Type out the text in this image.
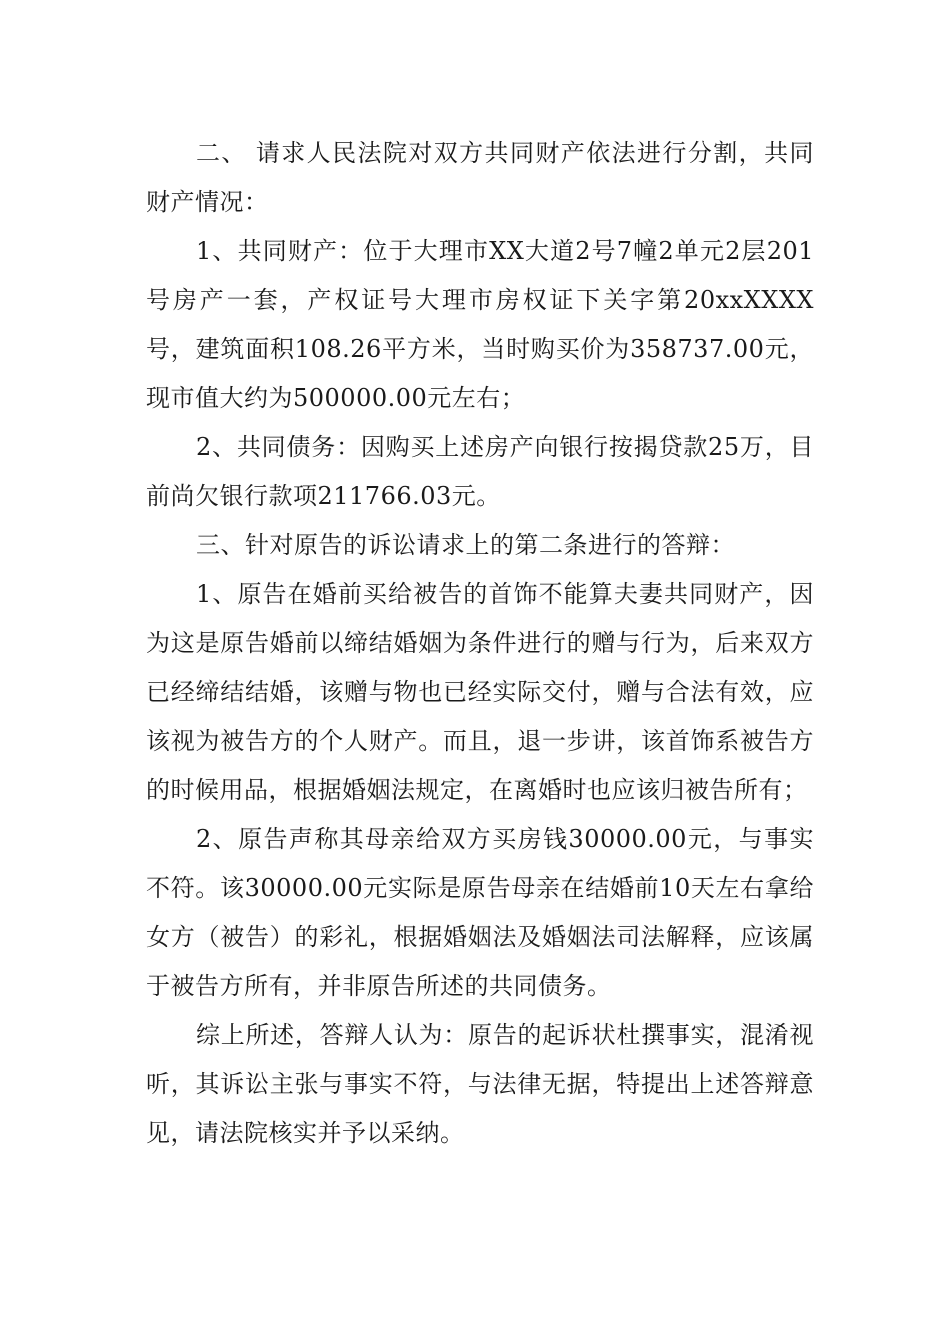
二、 请求人民法院对双方共同财产依法进行分割，共同财产情况：

1、共同财产：位于大理市XX大道2号7幢2单元2层201号房产一套，产权证号大理市房权证下关字第20xxXXXX号，建筑面积108.26平方米，当时购买价为358737.00元，现市值大约为500000.00元左右；

2、共同债务：因购买上述房产向银行按揭贷款25万，目前尚欠银行款项211766.03元。

三、针对原告的诉讼请求上的第二条进行的答辩：

1、原告在婚前买给被告的首饰不能算夫妻共同财产，因为这是原告婚前以缔结婚姻为条件进行的赠与行为，后来双方已经缔结结婚，该赠与物也已经实际交付，赠与合法有效，应该视为被告方的个人财产。而且，退一步讲，该首饰系被告方的时候用品，根据婚姻法规定，在离婚时也应该归被告所有；

2、原告声称其母亲给双方买房钱30000.00元，与事实不符。该30000.00元实际是原告母亲在结婚前10天左右拿给女方（被告）的彩礼，根据婚姻法及婚姻法司法解释，应该属于被告方所有，并非原告所述的共同债务。

综上所述，答辩人认为：原告的起诉状杜撰事实，混淆视听，其诉讼主张与事实不符，与法律无据，特提出上述答辩意见，请法院核实并予以采纳。
